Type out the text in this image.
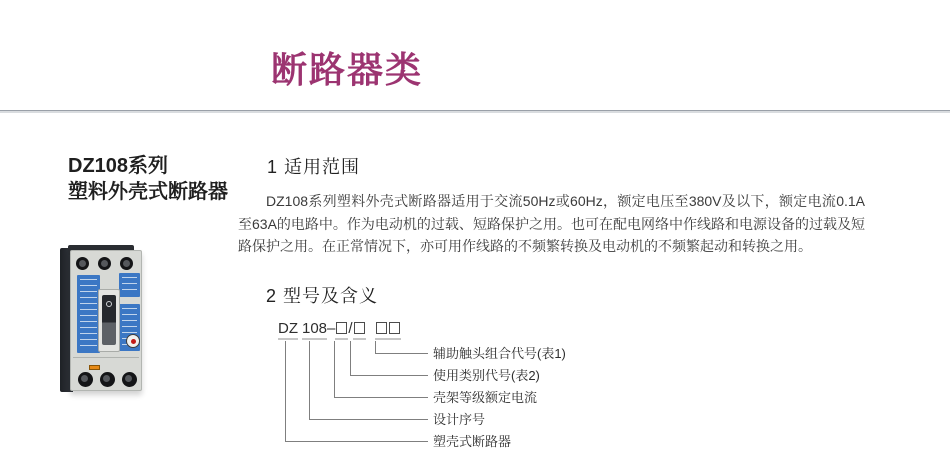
断路器类
DZ108系列
塑料外壳式断路器
1 适用范围
DZ108系列塑料外壳式断路器适用于交流50Hz或60Hz，额定电压至380V及以下，额定电流0.1A至63A的电路中。作为电动机的过载、短路保护之用。也可在配电网络中作线路和电源设备的过载及短路保护之用。在正常情况下，亦可用作线路的不频繁转换及电动机的不频繁起动和转换之用。
2 型号及含义
DZ 108 – /
辅助触头组合代号(表1)
使用类别代号(表2)
壳架等级额定电流
设计序号
塑壳式断路器
